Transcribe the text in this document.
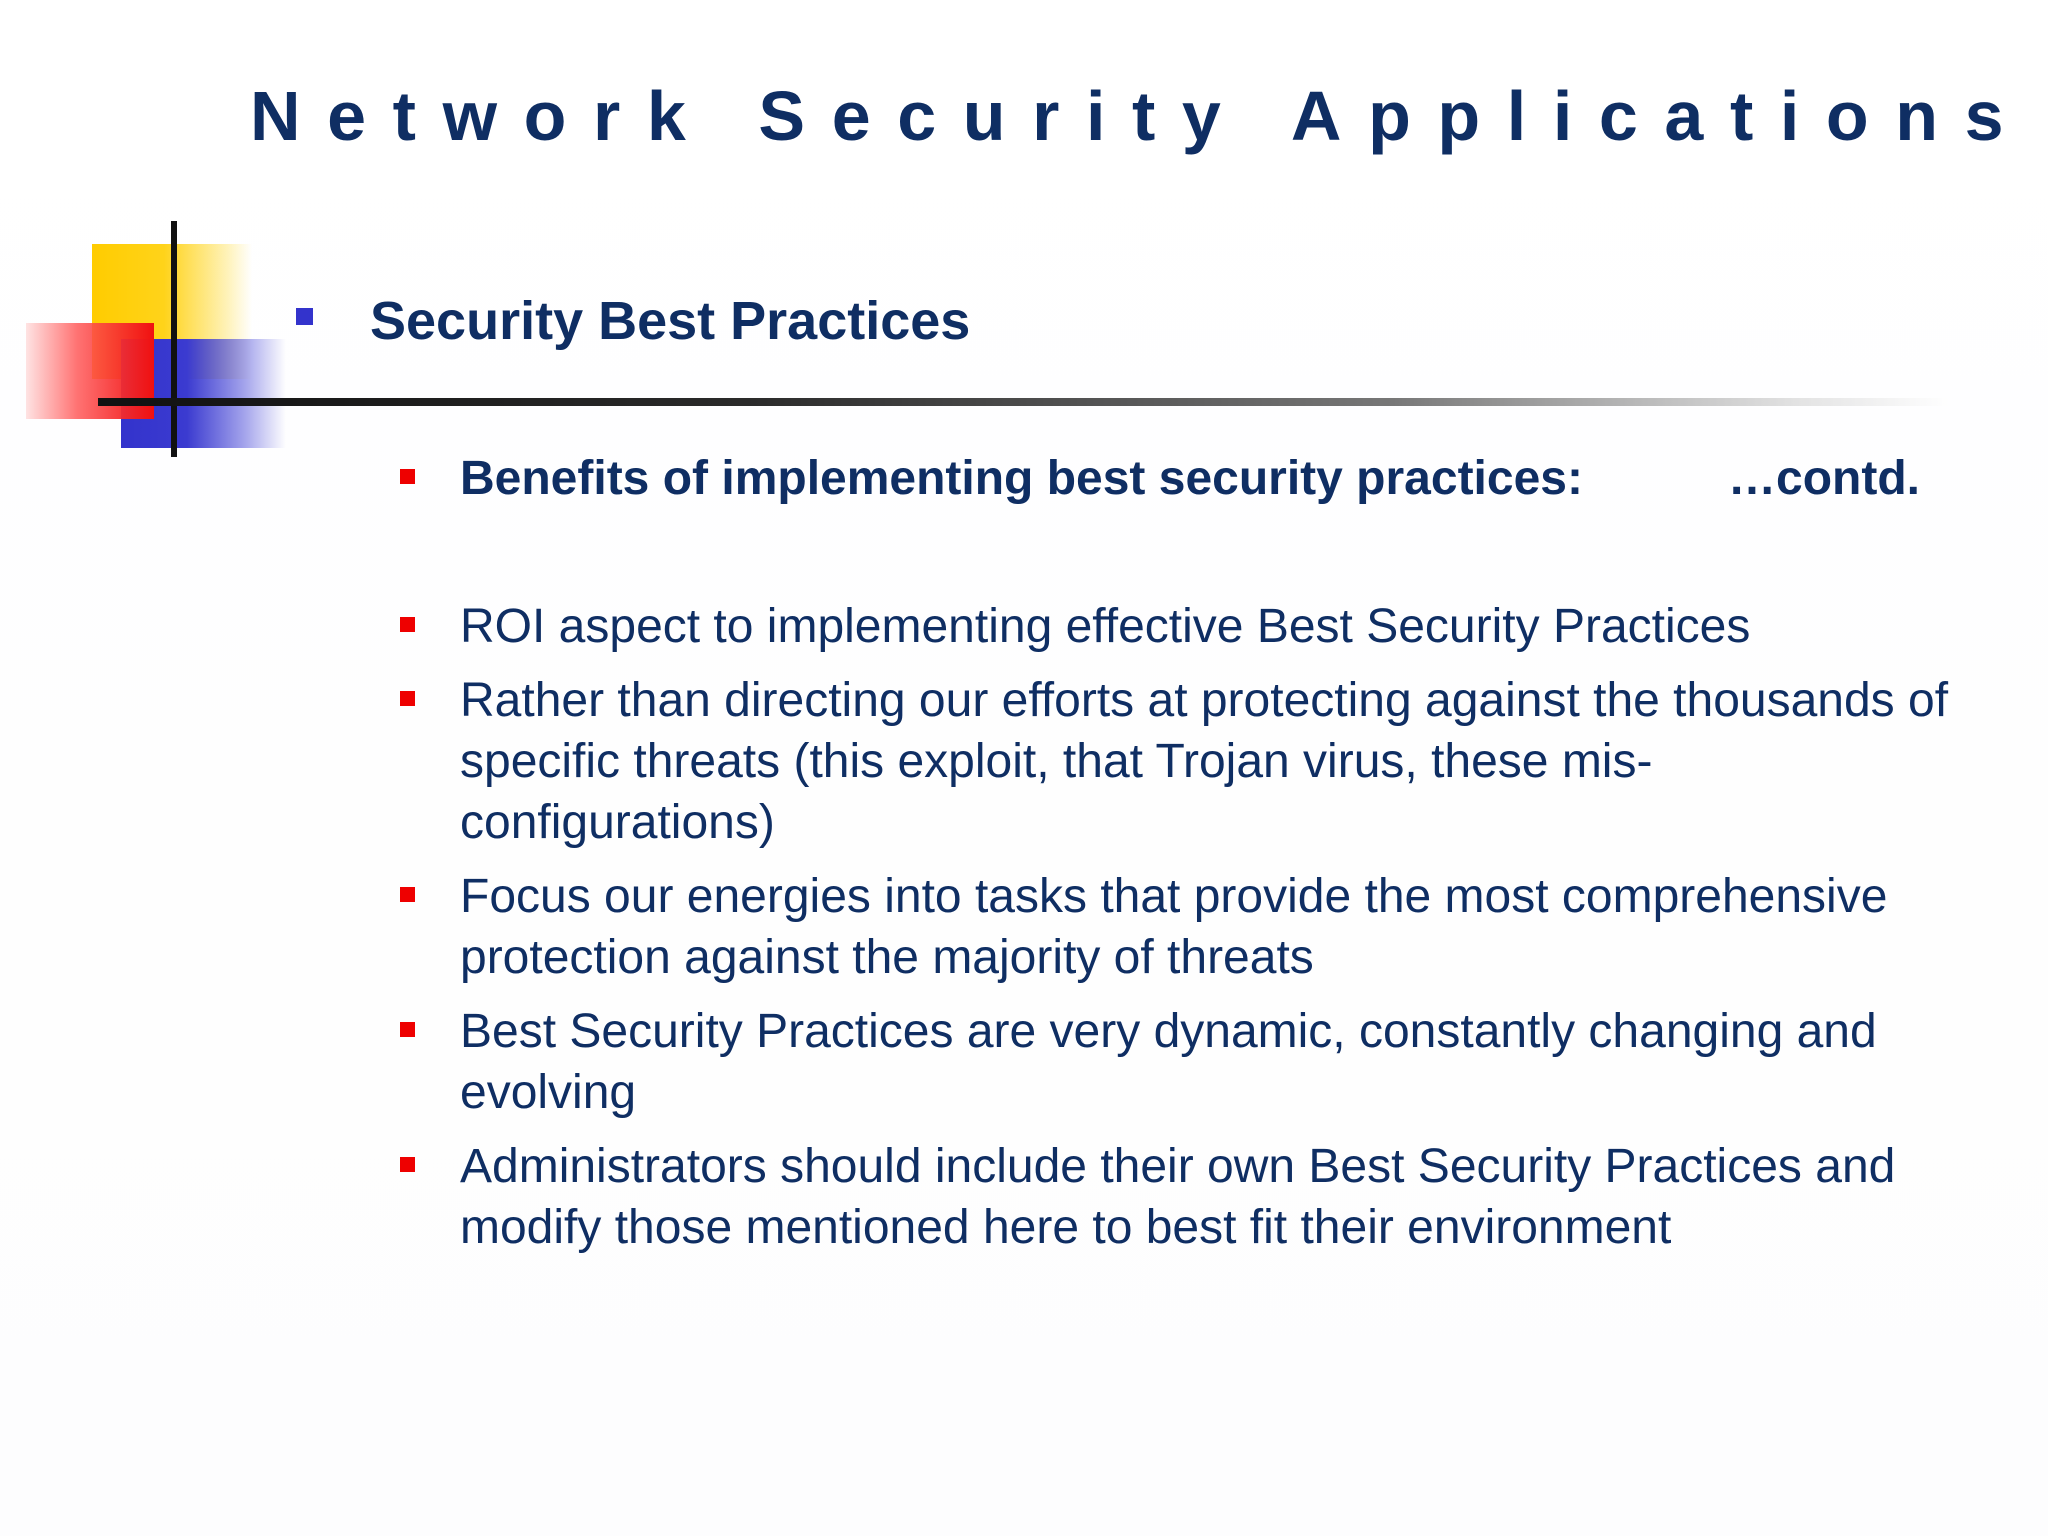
Network Security Applications
Security Best Practices
Benefits of implementing best security practices:	…contd.
ROI aspect to implementing effective Best Security Practices
Rather than directing our efforts at protecting against the thousands of specific threats (this exploit, that Trojan virus, these mis-configurations)
Focus our energies into tasks that provide the most comprehensive protection against the majority of threats
Best Security Practices are very dynamic, constantly changing and evolving
Administrators should include their own Best Security Practices and modify those mentioned here to best fit their environment
